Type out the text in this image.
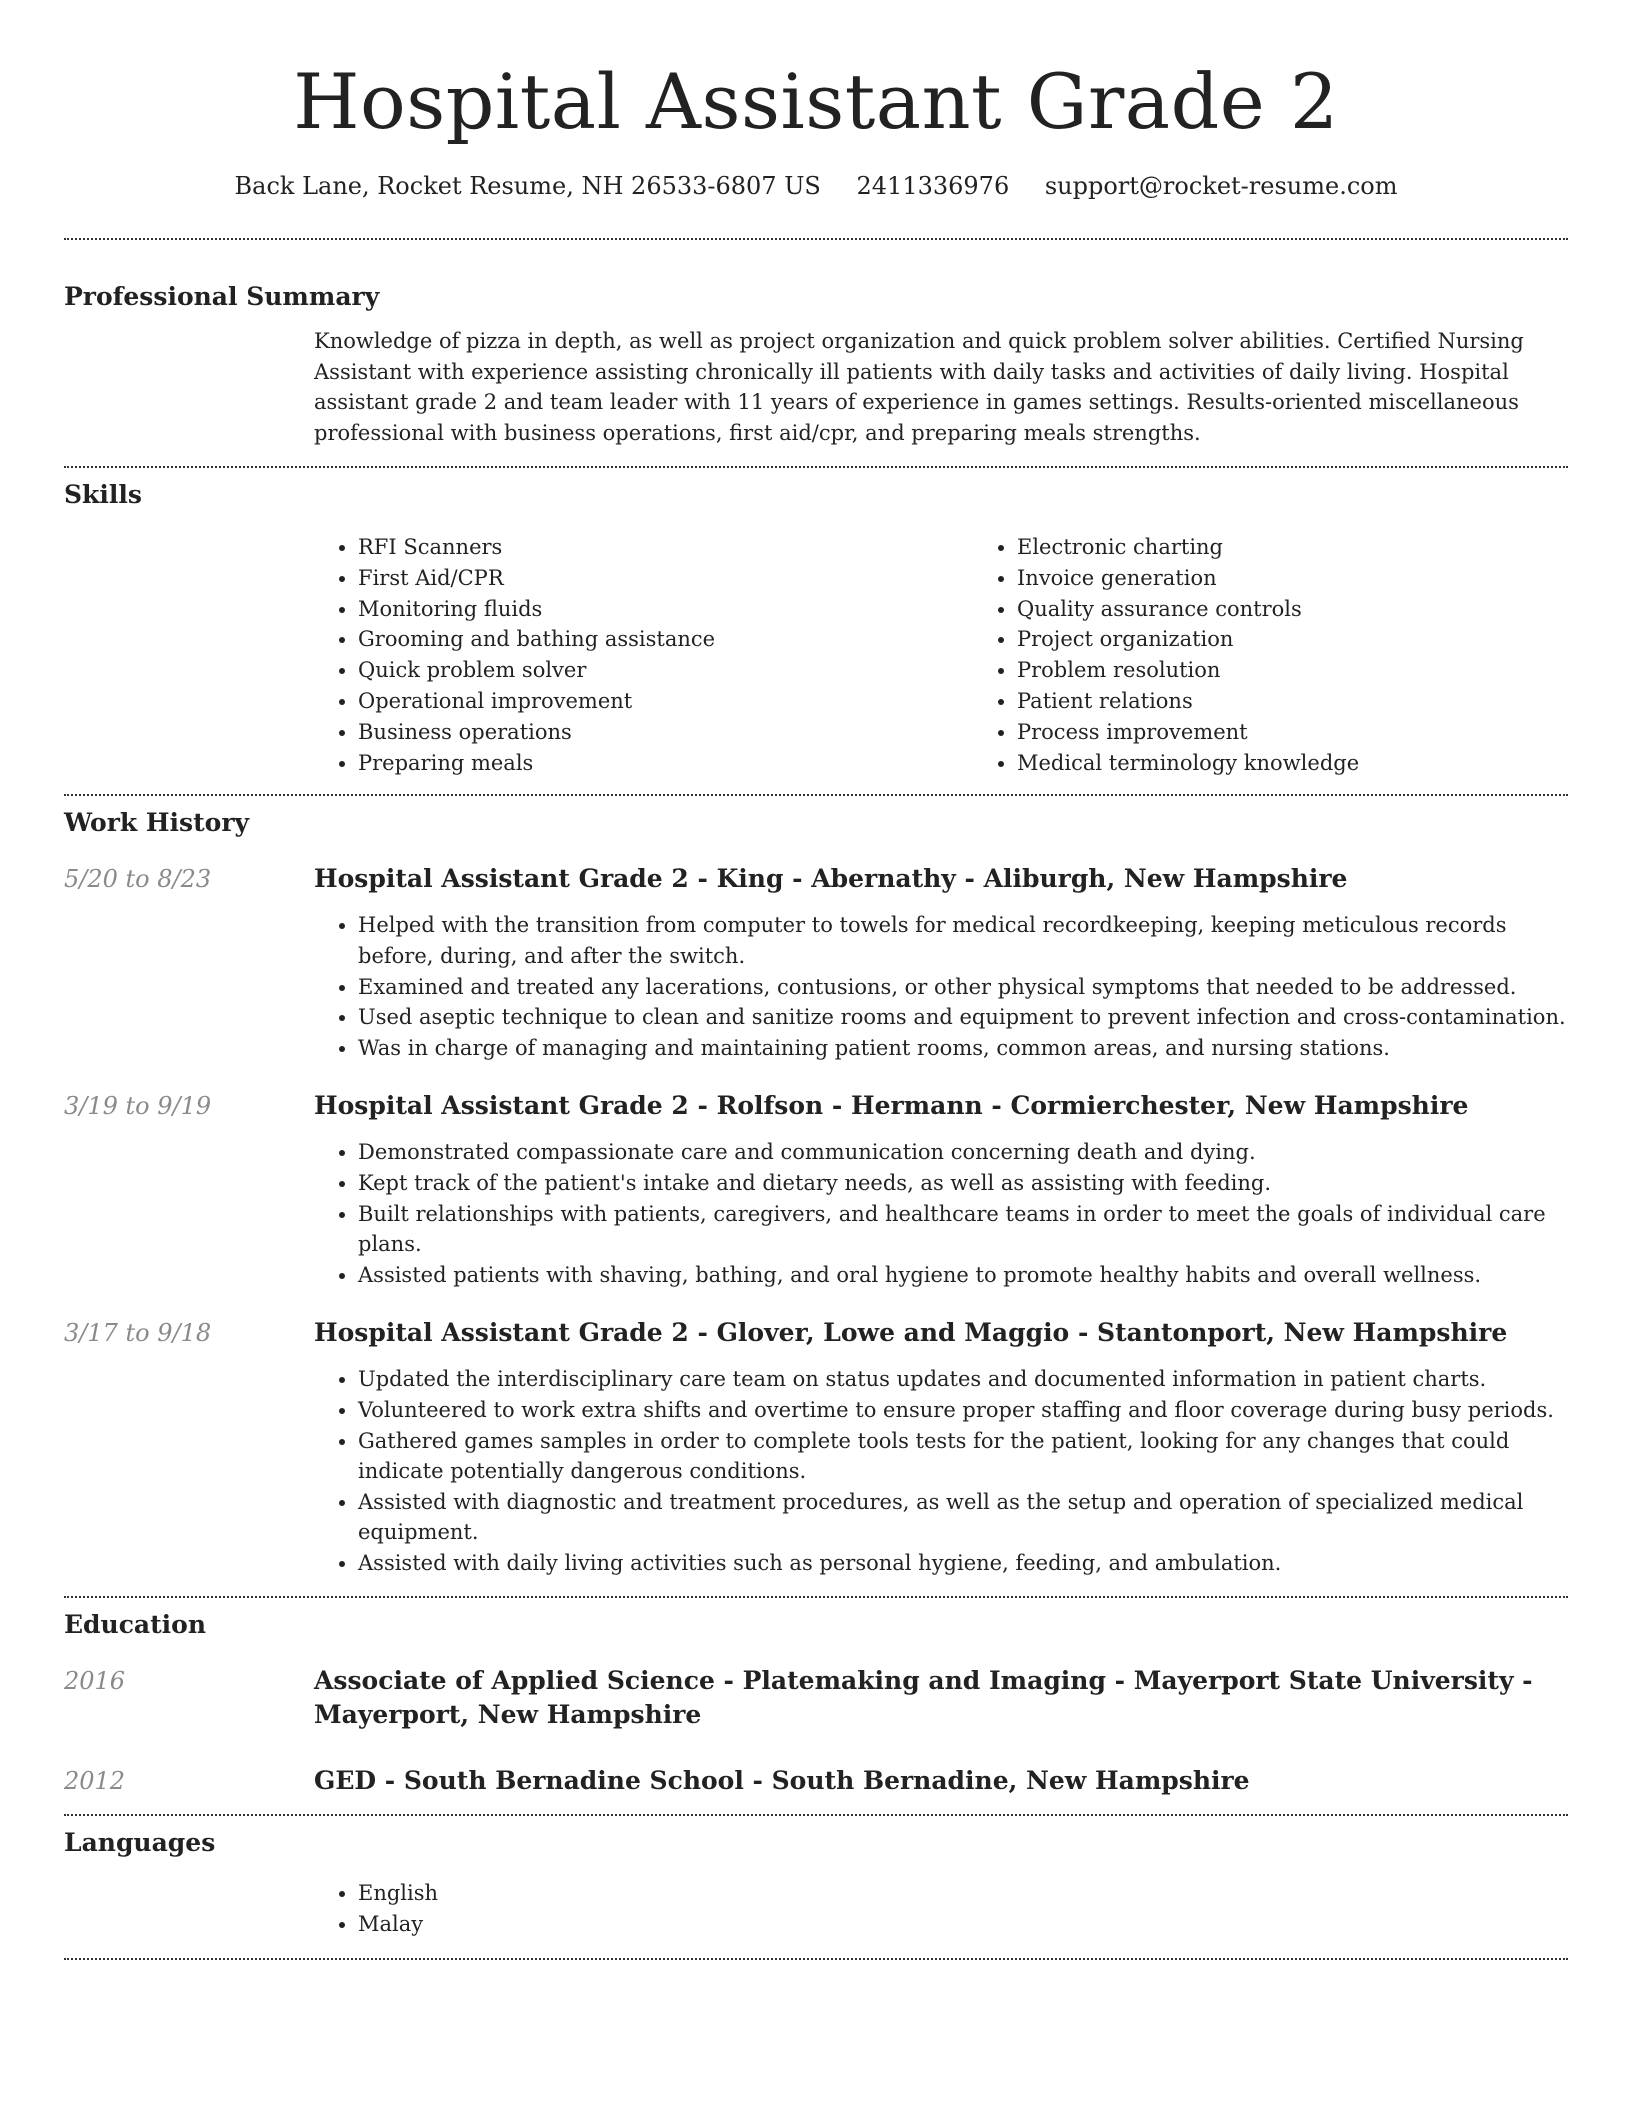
Hospital Assistant Grade 2
Back Lane, Rocket Resume, NH 26533-6807 US 2411336976 support@rocket-resume.com
Professional Summary

Knowledge of pizza in depth, as well as project organization and quick problem solver abilities. Certified Nursing Assistant with experience assisting chronically ill patients with daily tasks and activities of daily living. Hospital assistant grade 2 and team leader with 11 years of experience in games settings. Results-oriented miscellaneous professional with business operations, first aid/cpr, and preparing meals strengths.

Skills
• RFI Scanners
• First Aid/CPR
• Monitoring fluids
• Grooming and bathing assistance
• Quick problem solver
• Operational improvement
• Business operations
• Preparing meals
• Electronic charting
• Invoice generation
• Quality assurance controls
• Project organization
• Problem resolution
• Patient relations
• Process improvement
• Medical terminology knowledge
Work History
5/20 to 8/23	Hospital Assistant Grade 2 - King - Abernathy - Aliburgh, New Hampshire
• Helped with the transition from computer to towels for medical recordkeeping, keeping meticulous records before, during, and after the switch.
• Examined and treated any lacerations, contusions, or other physical symptoms that needed to be addressed.
• Used aseptic technique to clean and sanitize rooms and equipment to prevent infection and cross-contamination.
• Was in charge of managing and maintaining patient rooms, common areas, and nursing stations.
3/19 to 9/19	Hospital Assistant Grade 2 - Rolfson - Hermann - Cormierchester, New Hampshire
• Demonstrated compassionate care and communication concerning death and dying.
• Kept track of the patient's intake and dietary needs, as well as assisting with feeding.
• Built relationships with patients, caregivers, and healthcare teams in order to meet the goals of individual care plans.
• Assisted patients with shaving, bathing, and oral hygiene to promote healthy habits and overall wellness.
3/17 to 9/18	Hospital Assistant Grade 2 - Glover, Lowe and Maggio - Stantonport, New Hampshire
• Updated the interdisciplinary care team on status updates and documented information in patient charts.
• Volunteered to work extra shifts and overtime to ensure proper staffing and floor coverage during busy periods.
• Gathered games samples in order to complete tools tests for the patient, looking for any changes that could indicate potentially dangerous conditions.
• Assisted with diagnostic and treatment procedures, as well as the setup and operation of specialized medical equipment.
• Assisted with daily living activities such as personal hygiene, feeding, and ambulation.
Education
2016	Associate of Applied Science - Platemaking and Imaging - Mayerport State University - Mayerport, New Hampshire
2012	GED - South Bernadine School - South Bernadine, New Hampshire
Languages
• English
• Malay
